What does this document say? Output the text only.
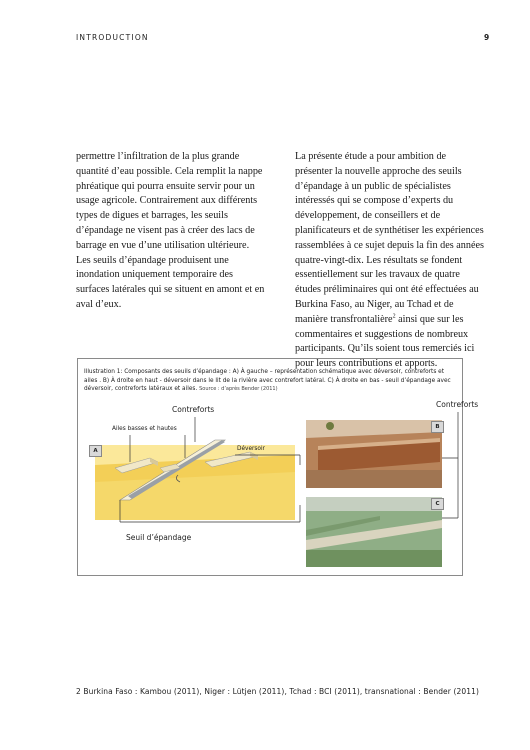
INTRODUCTION	9

permettre l’infiltration de la plus grande quantité d’eau possible. Cela remplit la nappe phréatique qui pourra ensuite servir pour un usage agricole. Contrairement aux différents types de digues et barrages, les seuils d’épandage ne visent pas à créer des lacs de barrage en vue d’une utilisation ultérieure. Les seuils d’épandage produisent une inondation uniquement temporaire des surfaces latérales qui se situent en amont et en aval d’eux.

La présente étude a pour ambition de présenter la nouvelle approche des seuils d’épandage à un public de spécialistes intéressés qui se compose d’experts du développement, de conseillers et de planificateurs et de synthétiser les expériences rassemblées à ce sujet depuis la fin des années quatre-vingt-dix. Les résultats se fondent essentiellement sur les travaux de quatre études préliminaires qui ont été effectuées au Burkina Faso, au Niger, au Tchad et de manière transfrontalière$^2$ ainsi que sur les commentaires et suggestions de nombreux participants. Qu’ils soient tous remerciés ici pour leurs contributions et apports.

Illustration 1: Composants des seuils d’épandage : A) À gauche – représentation schématique avec déversoir, contreforts et ailes . B) À droite en haut - déversoir dans le lit de la rivière avec contrefort latéral. C) À droite en bas - seuil d’épandage avec déversoir, contreforts latéraux et ailes. Source : d’après Bender (2011)
Contreforts
Contreforts
Ailes basses et hautes
Déversoir
Seuil d’épandage
A
B
C
2 Burkina Faso : Kambou (2011), Niger : Lütjen (2011), Tchad : BCI (2011), transnational : Bender (2011)
